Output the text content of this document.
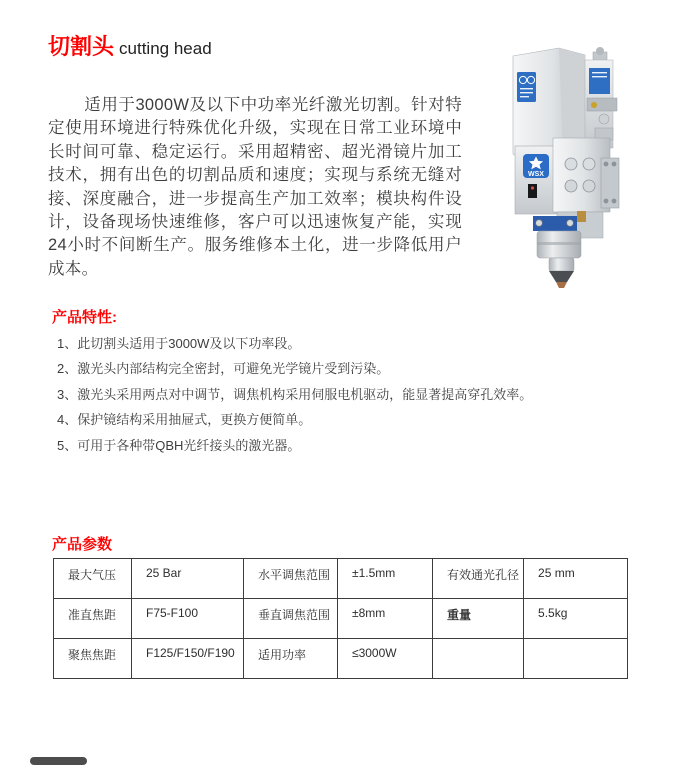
切割头 cutting head

适用于3000W及以下中功率光纤激光切割。针对特定使用环境进行特殊优化升级，实现在日常工业环境中长时间可靠、稳定运行。采用超精密、超光滑镜片加工技术，拥有出色的切割品质和速度；实现与系统无缝对接、深度融合，进一步提高生产加工效率；模块构件设计，设备现场快速维修，客户可以迅速恢复产能，实现24小时不间断生产。服务维修本土化，进一步降低用户成本。

WSX
产品特性:
1、此切割头适用于3000W及以下功率段。
2、激光头内部结构完全密封，可避免光学镜片受到污染。
3、激光头采用两点对中调节，调焦机构采用伺服电机驱动，能显著提高穿孔效率。
4、保护镜结构采用抽屉式，更换方便简单。
5、可用于各种带QBH光纤接头的激光器。
产品参数
最大气压	25 Bar	水平调焦范围	±1.5mm	有效通光孔径	25 mm
准直焦距	F75-F100	垂直调焦范围	±8mm	重量	5.5kg
聚焦焦距	F125/F150/F190	适用功率	≤3000W		
